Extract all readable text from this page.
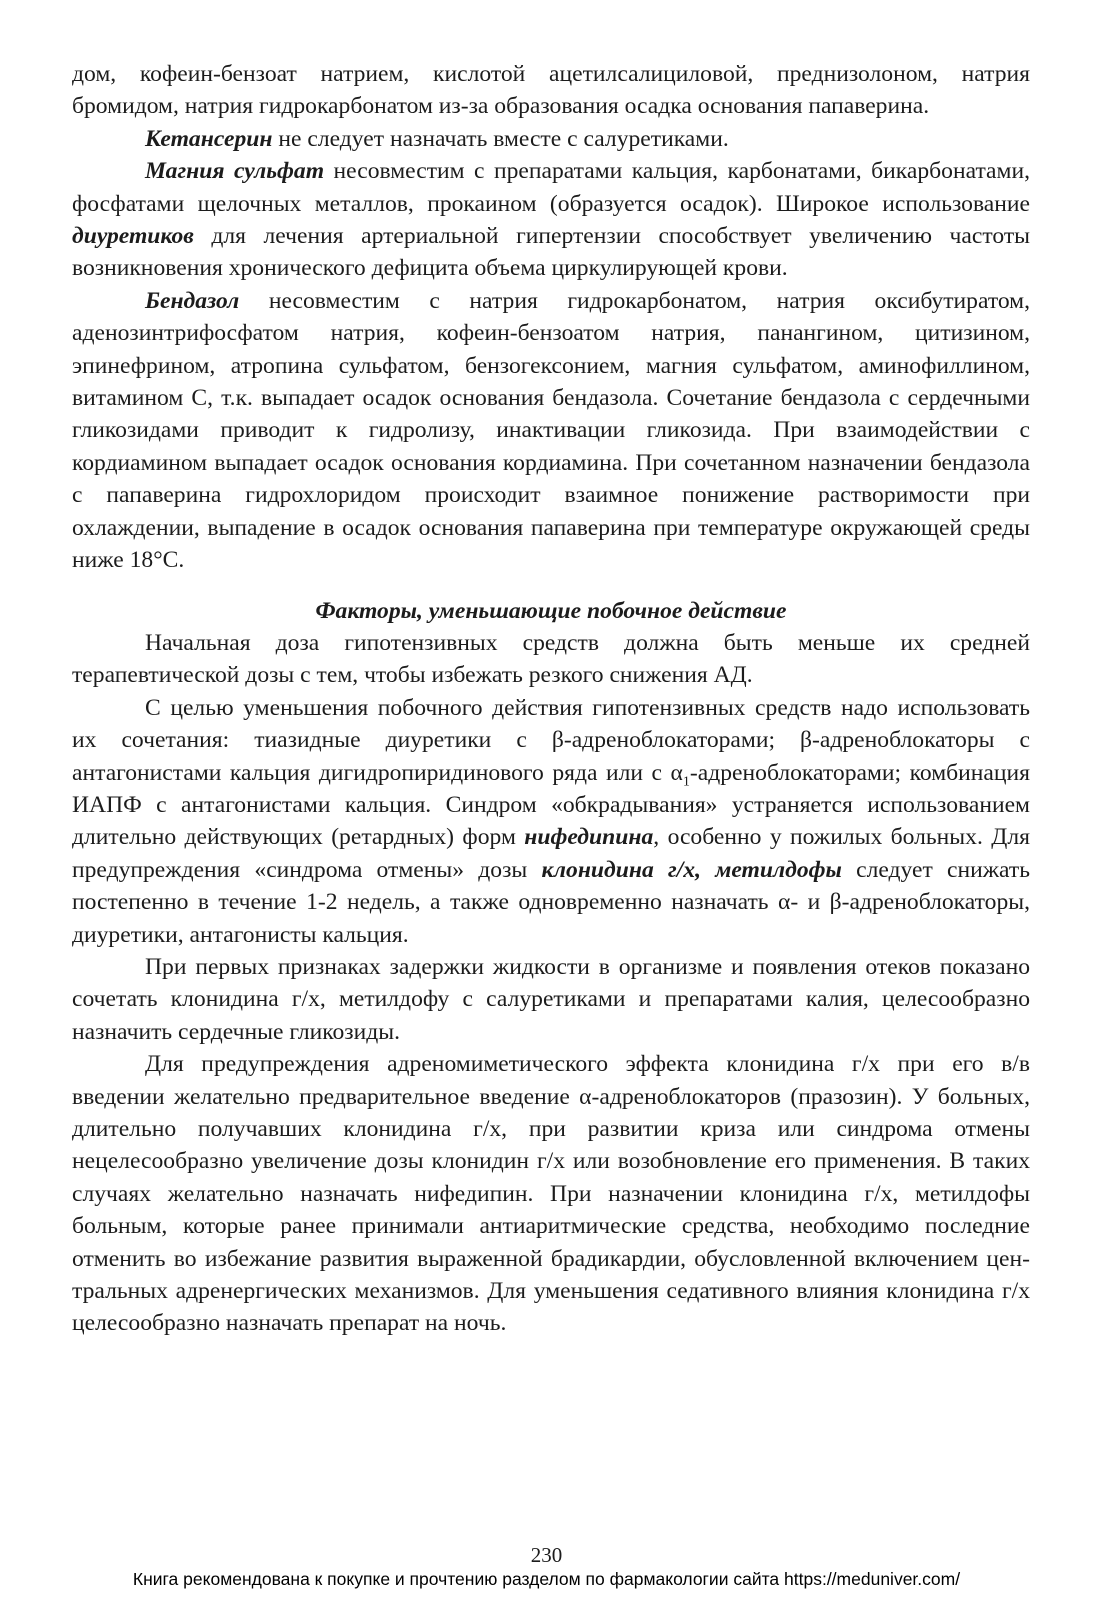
дом, кофеин-бензоат натрием, кислотой ацетилсалициловой, преднизолоном, натрия бромидом, натрия гидрокарбонатом из-за образования осадка основания папаверина.

Кетансерин не следует назначать вместе с салуретиками.

Магния сульфат несовместим с препаратами кальция, карбонатами, бикарбонатами, фосфатами щелочных металлов, прокаином (образуется осадок). Широкое использование диуретиков для лечения артериальной гипертензии способствует увеличению частоты возникновения хронического дефицита объема циркулирующей крови.

Бендазол несовместим с натрия гидрокарбонатом, натрия оксибутиратом, аденозинтрифосфатом натрия, кофеин-бензоатом натрия, панангином, цитизином, эпинефрином, атропина сульфатом, бензогексонием, магния сульфатом, аминофиллином, витамином С, т.к. выпадает осадок основания бендазола. Сочетание бендазола с сердечными гликозидами приводит к гидролизу, инактивации гликозида. При взаимодействии с кордиамином выпадает осадок основания кордиамина. При сочетанном назначении бендазола с папаверина гидрохлоридом происходит взаимное понижение растворимости при охлаждении, выпадение в осадок основания папаверина при температуре окружающей среды ниже 18°С.

Факторы, уменьшающие побочное действие

Начальная доза гипотензивных средств должна быть меньше их средней терапевтической дозы с тем, чтобы избежать резкого снижения АД.

С целью уменьшения побочного действия гипотензивных средств надо использовать их сочетания: тиазидные диуретики с β-адреноблокаторами; β-адреноблокаторы с антагонистами кальция дигидропиридинового ряда или с $\alpha_1$-адреноблокаторами; комбинация ИАПФ с антагонистами кальция. Синдром «обкрадывания» устраняется использованием длительно действующих (ретардных) форм нифедипина, особенно у пожилых больных. Для предупреждения «синдрома отмены» дозы клонидина г/х, метилдофы следует снижать постепенно в течение 1-2 недель, а также одновременно назначать α- и β-адреноблокаторы, диуретики, антагонисты кальция.

При первых признаках задержки жидкости в организме и появления отеков показано сочетать клонидина г/х, метилдофу с салуретиками и препаратами калия, целесообразно назначить сердечные гликозиды.

Для предупреждения адреномиметического эффекта клонидина г/х при его в/в введении желательно предварительное введение α-адреноблокаторов (празозин). У больных, длительно получавших клонидина г/х, при развитии криза или синдрома отмены нецелесообразно увеличение дозы клонидин г/х или возобновление его применения. В таких случаях желательно назначать нифедипин. При назначении клонидина г/х, метилдофы больным, которые ранее принимали антиаритмические средства, необходимо последние отменить во избежание развития выраженной брадикардии, обусловленной включением центральных адренергических механизмов. Для уменьшения седативного влияния клонидина г/х целесообразно назначать препарат на ночь.

230
Книга рекомендована к покупке и прочтению разделом по фармакологии сайта https://meduniver.com/
